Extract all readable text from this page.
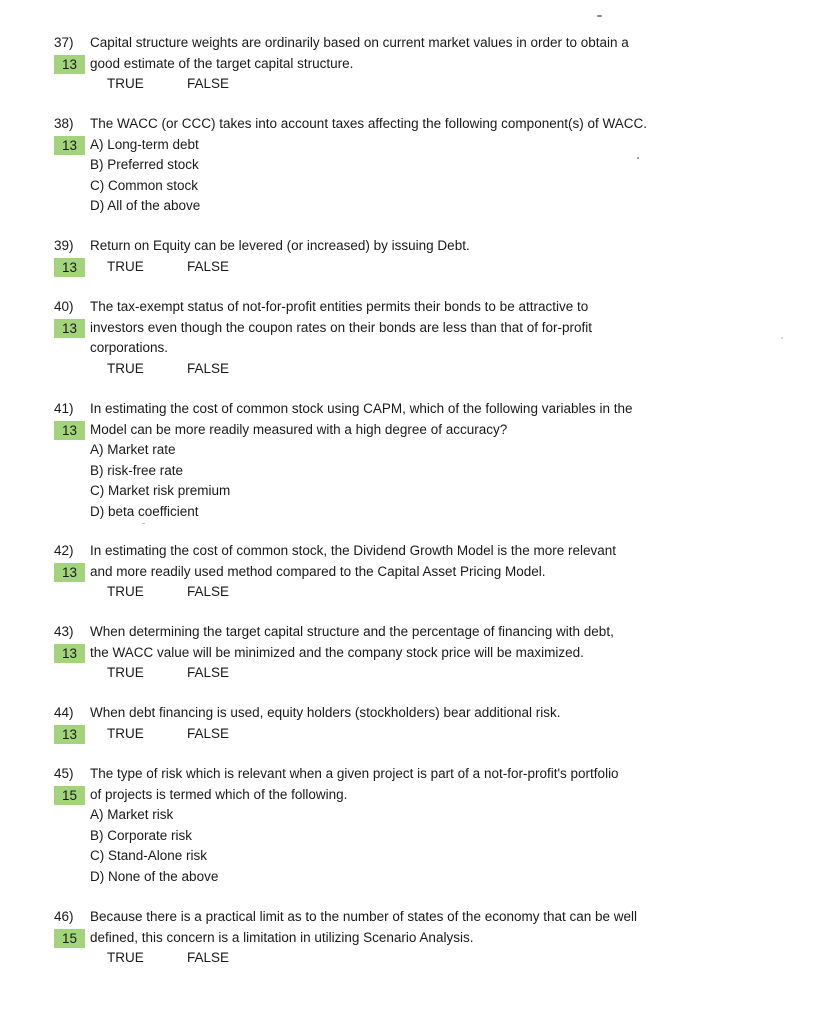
37) Capital structure weights are ordinarily based on current market values in order to obtain a
13 good estimate of the target capital structure.
TRUE	FALSE
38) The WACC (or CCC) takes into account taxes affecting the following component(s) of WACC.
13 A) Long-term debt
B) Preferred stock
C) Common stock
D) All of the above
39) Return on Equity can be levered (or increased) by issuing Debt.
13	TRUE	FALSE
40) The tax-exempt status of not-for-profit entities permits their bonds to be attractive to
13 investors even though the coupon rates on their bonds are less than that of for-profit
corporations.
TRUE	FALSE
41) In estimating the cost of common stock using CAPM, which of the following variables in the
13 Model can be more readily measured with a high degree of accuracy?
A) Market rate
B) risk-free rate
C) Market risk premium
D) beta coefficient
42) In estimating the cost of common stock, the Dividend Growth Model is the more relevant
13 and more readily used method compared to the Capital Asset Pricing Model.
TRUE	FALSE
43) When determining the target capital structure and the percentage of financing with debt,
13 the WACC value will be minimized and the company stock price will be maximized.
TRUE	FALSE
44) When debt financing is used, equity holders (stockholders) bear additional risk.
13	TRUE	FALSE
45) The type of risk which is relevant when a given project is part of a not-for-profit's portfolio
15 of projects is termed which of the following.
A) Market risk
B) Corporate risk
C) Stand-Alone risk
D) None of the above
46) Because there is a practical limit as to the number of states of the economy that can be well
15 defined, this concern is a limitation in utilizing Scenario Analysis.
TRUE	FALSE
